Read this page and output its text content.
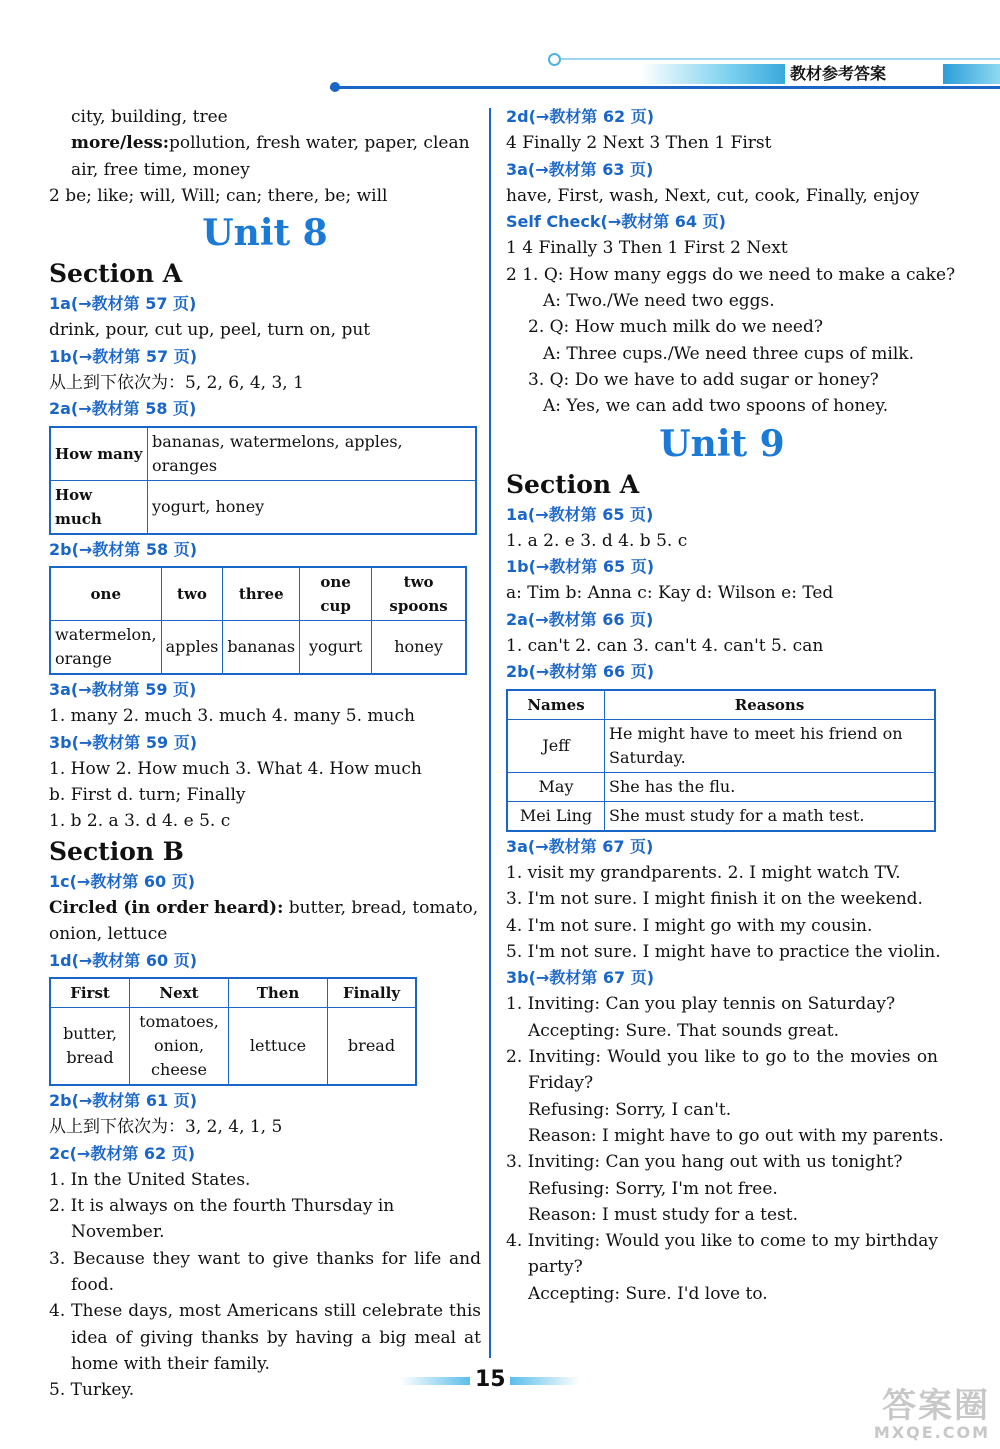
教材参考答案
city, building, tree
more/less:pollution, fresh water, paper, clean
air, free time, money
2 be; like; will, Will; can; there, be; will
Unit 8
Section A
1a(→教材第 57 页)
drink, pour, cut up, peel, turn on, put
1b(→教材第 57 页)
从上到下依次为：5, 2, 6, 4, 3, 1
2a(→教材第 58 页)
How many	bananas, watermelons, apples, oranges
How much	yogurt, honey
2b(→教材第 58 页)
one	two	three	one cup	two spoons
watermelon, orange	apples	bananas	yogurt	honey
3a(→教材第 59 页)
1. many 2. much 3. much 4. many 5. much
3b(→教材第 59 页)
1. How 2. How much 3. What 4. How much
b. First d. turn; Finally
1. b 2. a 3. d 4. e 5. c
Section B
1c(→教材第 60 页)
Circled (in order heard): butter, bread, tomato,
onion, lettuce
1d(→教材第 60 页)
First	Next	Then	Finally
butter, bread	tomatoes, onion, cheese	lettuce	bread
2b(→教材第 61 页)
从上到下依次为：3, 2, 4, 1, 5
2c(→教材第 62 页)
1. In the United States.
2. It is always on the fourth Thursday in November.
3. Because they want to give thanks for life and food.
4. These days, most Americans still celebrate this idea of giving thanks by having a big meal at home with their family.
5. Turkey.
2d(→教材第 62 页)
4 Finally 2 Next 3 Then 1 First
3a(→教材第 63 页)
have, First, wash, Next, cut, cook, Finally, enjoy
Self Check(→教材第 64 页)
1 4 Finally 3 Then 1 First 2 Next
2 1. Q: How many eggs do we need to make a cake?
A: Two./We need two eggs.
2. Q: How much milk do we need?
A: Three cups./We need three cups of milk.
3. Q: Do we have to add sugar or honey?
A: Yes, we can add two spoons of honey.
Unit 9
Section A
1a(→教材第 65 页)
1. a 2. e 3. d 4. b 5. c
1b(→教材第 65 页)
a: Tim b: Anna c: Kay d: Wilson e: Ted
2a(→教材第 66 页)
1. can't 2. can 3. can't 4. can't 5. can
2b(→教材第 66 页)
Names	Reasons
Jeff	He might have to meet his friend on Saturday.
May	She has the flu.
Mei Ling	She must study for a math test.
3a(→教材第 67 页)
1. visit my grandparents. 2. I might watch TV.
3. I'm not sure. I might finish it on the weekend.
4. I'm not sure. I might go with my cousin.
5. I'm not sure. I might have to practice the violin.
3b(→教材第 67 页)
1. Inviting: Can you play tennis on Saturday?
Accepting: Sure. That sounds great.
2. Inviting: Would you like to go to the movies on Friday?
Refusing: Sorry, I can't.
Reason: I might have to go out with my parents.
3. Inviting: Can you hang out with us tonight?
Refusing: Sorry, I'm not free.
Reason: I must study for a test.
4. Inviting: Would you like to come to my birthday party?
Accepting: Sure. I'd love to.
15
答案圈
MXQE.COM
